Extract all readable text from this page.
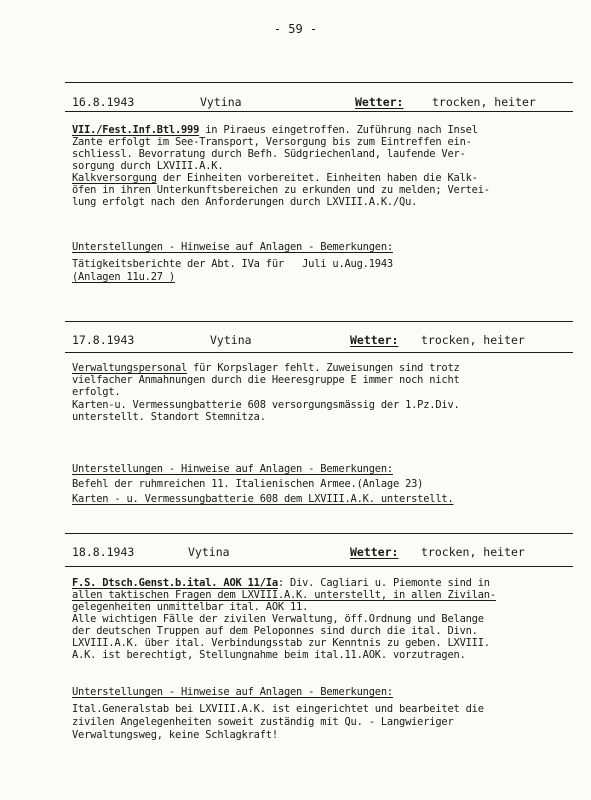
- 59 -
16.8.1943	Vytina	Wetter: trocken, heiter
VII./Fest.Inf.Btl.999 in Piraeus eingetroffen. Zuführung nach Insel
Zante erfolgt im See-Transport, Versorgung bis zum Eintreffen ein-
schliessl. Bevorratung durch Befh. Südgriechenland, laufende Ver-
sorgung durch LXVIII.A.K.
Kalkversorgung der Einheiten vorbereitet. Einheiten haben die Kalk-
öfen in ihren Unterkunftsbereichen zu erkunden und zu melden; Vertei-
lung erfolgt nach den Anforderungen durch LXVIII.A.K./Qu.
Unterstellungen - Hinweise auf Anlagen - Bemerkungen:
Tätigkeitsberichte der Abt. IVa für   Juli u.Aug.1943
(Anlagen 11u.27 )
17.8.1943	Vytina	Wetter: trocken, heiter
Verwaltungspersonal für Korpslager fehlt. Zuweisungen sind trotz
vielfacher Anmahnungen durch die Heeresgruppe E immer noch nicht
erfolgt.
Karten-u. Vermessungbatterie 608 versorgungsmässig der 1.Pz.Div.
unterstellt. Standort Stemnitza.
Unterstellungen - Hinweise auf Anlagen - Bemerkungen:
Befehl der ruhmreichen 11. Italienischen Armee.(Anlage 23)
Karten - u. Vermessungbatterie 608 dem LXVIII.A.K. unterstellt.
18.8.1943	Vytina	Wetter: trocken, heiter
F.S. Dtsch.Genst.b.ital. AOK 11/Ia: Div. Cagliari u. Piemonte sind in
allen taktischen Fragen dem LXVIII.A.K. unterstellt, in allen Zivilan-
gelegenheiten unmittelbar ital. AOK 11.
Alle wichtigen Fälle der zivilen Verwaltung, öff.Ordnung und Belange
der deutschen Truppen auf dem Peloponnes sind durch die ital. Divn.
LXVIII.A.K. über ital. Verbindungsstab zur Kenntnis zu geben. LXVIII.
A.K. ist berechtigt, Stellungnahme beim ital.11.AOK. vorzutragen.
Unterstellungen - Hinweise auf Anlagen - Bemerkungen:
Ital.Generalstab bei LXVIII.A.K. ist eingerichtet und bearbeitet die
zivilen Angelegenheiten soweit zuständig mit Qu. - Langwieriger
Verwaltungsweg, keine Schlagkraft!
